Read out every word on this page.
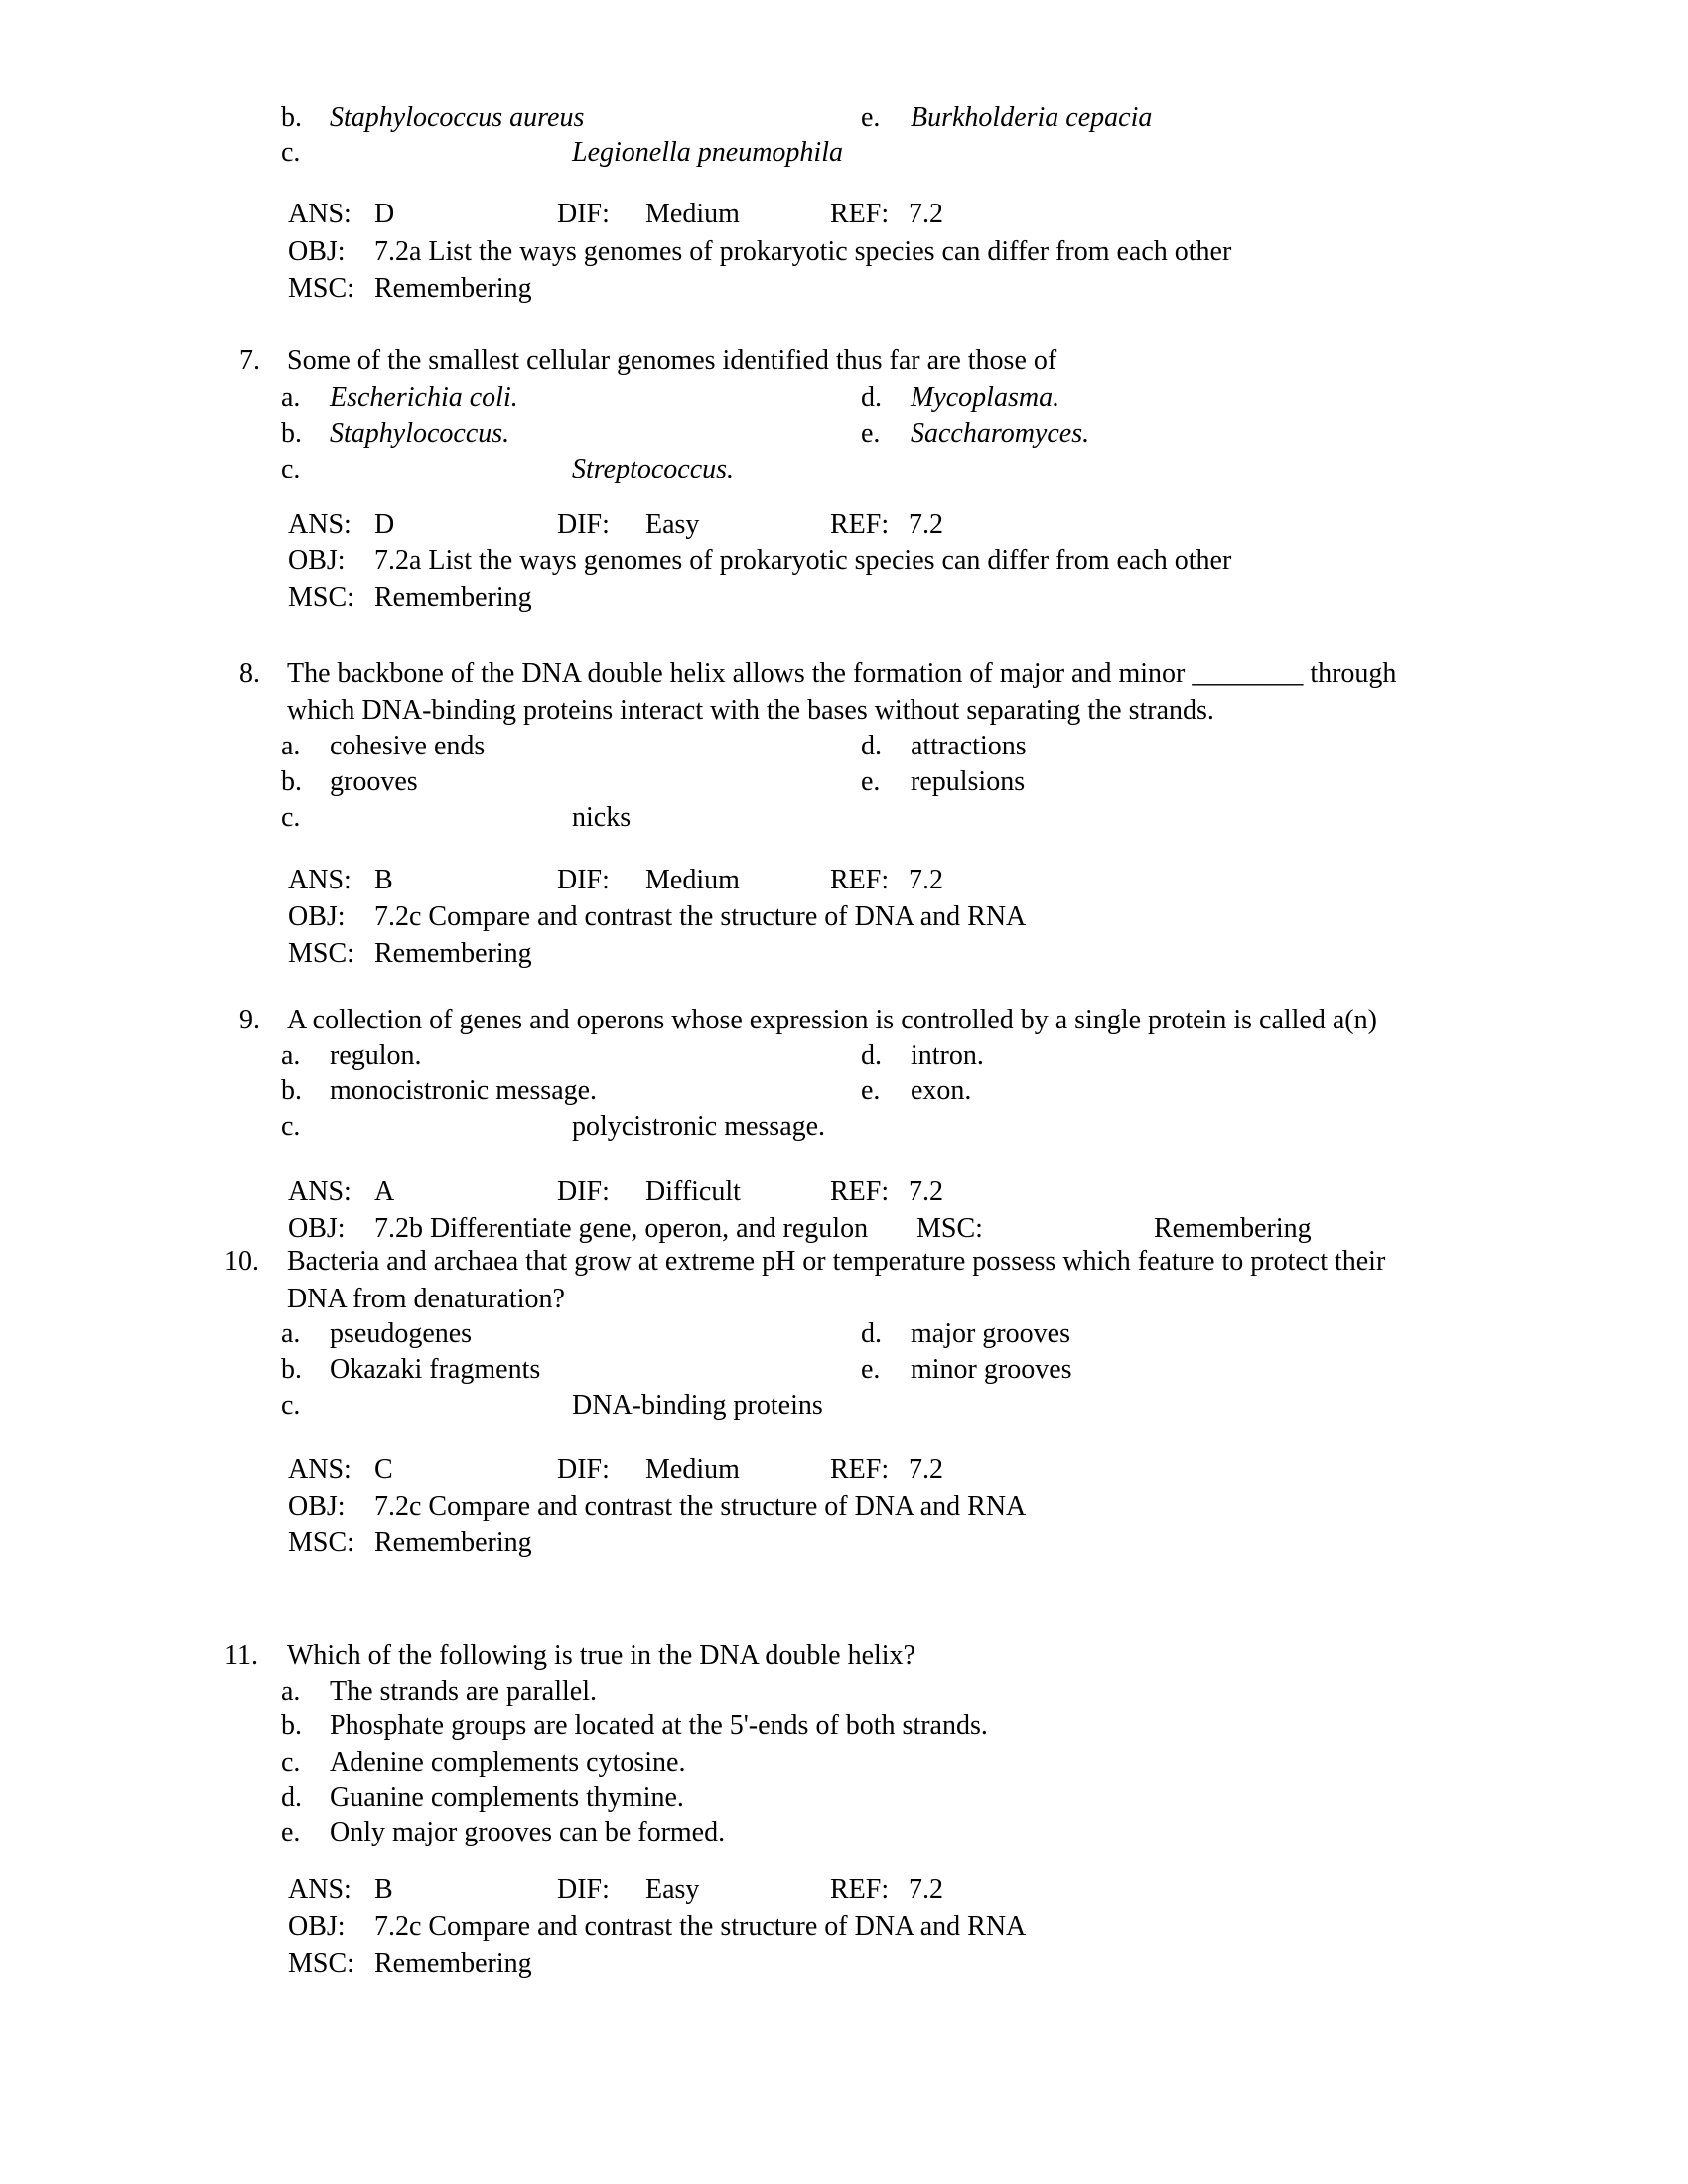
b. Staphylococcus aureus	e. Burkholderia cepacia
c.	Legionella pneumophila
ANS: D	DIF: Medium	REF: 7.2
OBJ: 7.2a List the ways genomes of prokaryotic species can differ from each other
MSC: Remembering
7. Some of the smallest cellular genomes identified thus far are those of
a. Escherichia coli.	d. Mycoplasma.
b. Staphylococcus.	e. Saccharomyces.
c.	Streptococcus.
ANS: D	DIF: Easy	REF: 7.2
OBJ: 7.2a List the ways genomes of prokaryotic species can differ from each other
MSC: Remembering
8. The backbone of the DNA double helix allows the formation of major and minor ________ through
which DNA-binding proteins interact with the bases without separating the strands.
a. cohesive ends	d. attractions
b. grooves	e. repulsions
c.	nicks
ANS: B	DIF: Medium	REF: 7.2
OBJ: 7.2c Compare and contrast the structure of DNA and RNA
MSC: Remembering
9. A collection of genes and operons whose expression is controlled by a single protein is called a(n)
a. regulon.	d. intron.
b. monocistronic message.	e. exon.
c.	polycistronic message.
ANS: A	DIF: Difficult	REF: 7.2
OBJ: 7.2b Differentiate gene, operon, and regulon MSC:	Remembering
10. Bacteria and archaea that grow at extreme pH or temperature possess which feature to protect their
DNA from denaturation?
a. pseudogenes	d. major grooves
b. Okazaki fragments	e. minor grooves
c.	DNA-binding proteins
ANS: C	DIF: Medium	REF: 7.2
OBJ: 7.2c Compare and contrast the structure of DNA and RNA
MSC: Remembering
11. Which of the following is true in the DNA double helix?
a. The strands are parallel.
b. Phosphate groups are located at the 5'-ends of both strands.
c. Adenine complements cytosine.
d. Guanine complements thymine.
e. Only major grooves can be formed.
ANS: B	DIF: Easy	REF: 7.2
OBJ: 7.2c Compare and contrast the structure of DNA and RNA
MSC: Remembering
